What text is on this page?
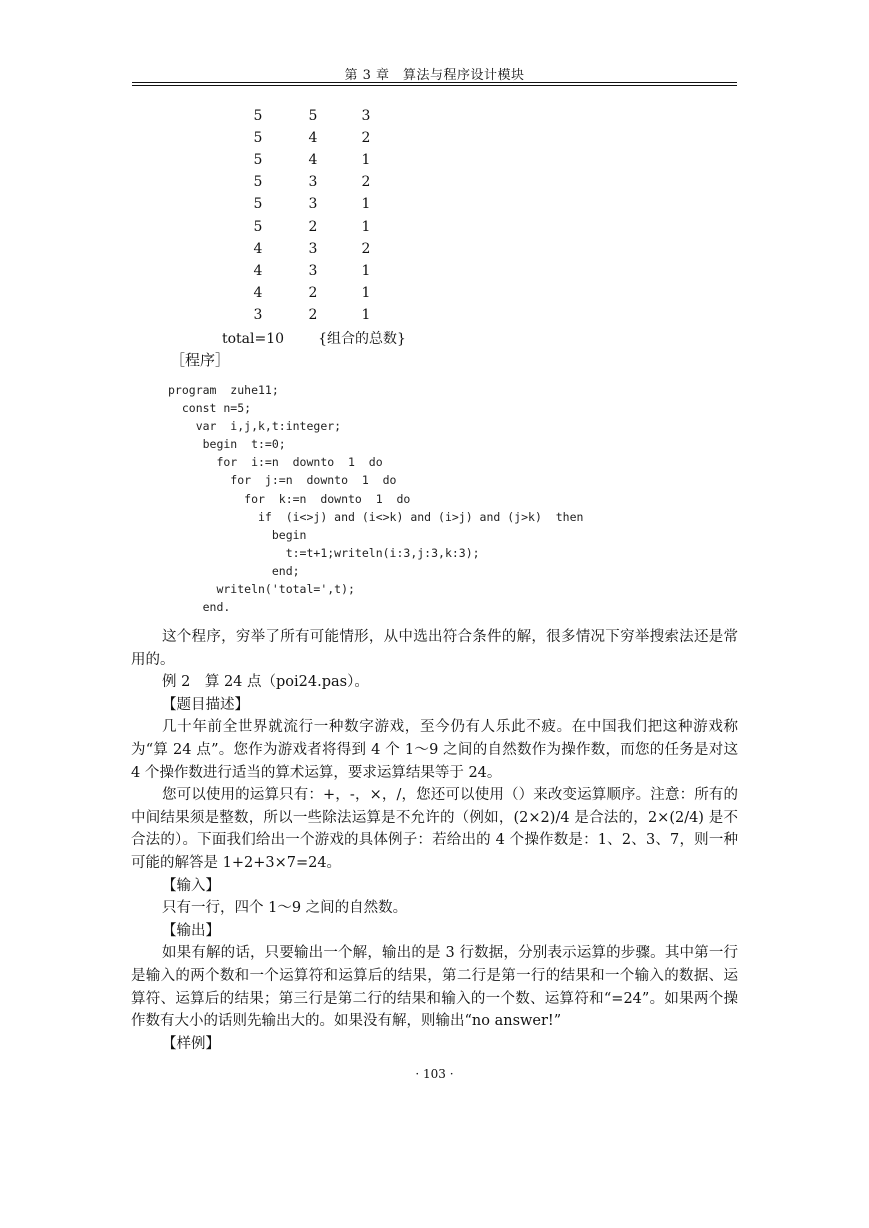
第 3 章　算法与程序设计模块
5	5	3
5	4	2
5	4	1
5	3	2
5	3	1
5	2	1
4	3	2
4	3	1
4	2	1
3	2	1
total=10 {组合的总数}
［程序］
program  zuhe11;
const n=5;
var  i,j,k,t:integer;
begin  t:=0;
for  i:=n  downto  1  do
for  j:=n  downto  1  do
for  k:=n  downto  1  do
if  (i<>j) and (i<>k) and (i>j) and (j>k)  then
begin
t:=t+1;writeln(i:3,j:3,k:3);
end;
writeln('total=',t);
end.

这个程序，穷举了所有可能情形，从中选出符合条件的解，很多情况下穷举搜索法还是常用的。

例 2　算 24 点（poi24.pas）。

【题目描述】

几十年前全世界就流行一种数字游戏，至今仍有人乐此不疲。在中国我们把这种游戏称为“算 24 点”。您作为游戏者将得到 4 个 1～9 之间的自然数作为操作数，而您的任务是对这 4 个操作数进行适当的算术运算，要求运算结果等于 24。

您可以使用的运算只有：+，-，×，/，您还可以使用（）来改变运算顺序。注意：所有的中间结果须是整数，所以一些除法运算是不允许的（例如，(2×2)/4 是合法的，2×(2/4) 是不合法的）。下面我们给出一个游戏的具体例子：若给出的 4 个操作数是：1、2、3、7，则一种可能的解答是 1+2+3×7=24。

【输入】

只有一行，四个 1～9 之间的自然数。

【输出】

如果有解的话，只要输出一个解，输出的是 3 行数据，分别表示运算的步骤。其中第一行是输入的两个数和一个运算符和运算后的结果，第二行是第一行的结果和一个输入的数据、运算符、运算后的结果；第三行是第二行的结果和输入的一个数、运算符和“=24”。如果两个操作数有大小的话则先输出大的。如果没有解，则输出“no answer!”

【样例】

· 103 ·
